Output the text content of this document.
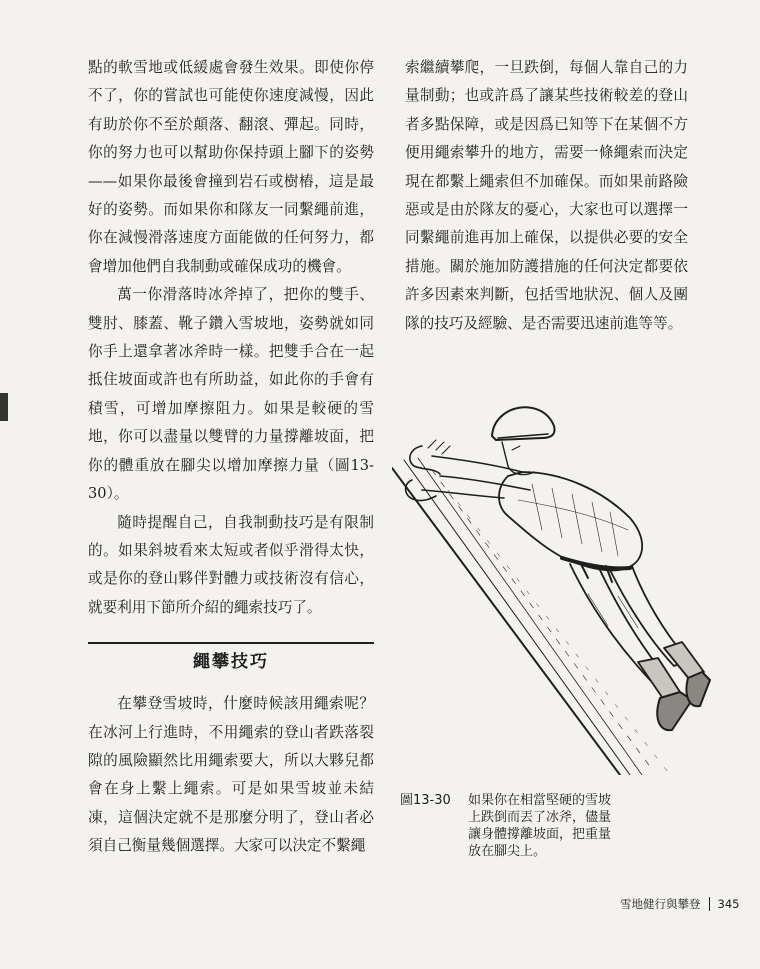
點的軟雪地或低緩處會發生效果。即使你停不了，你的嘗試也可能使你速度減慢，因此有助於你不至於顛落、翻滾、彈起。同時，你的努力也可以幫助你保持頭上腳下的姿勢——如果你最後會撞到岩石或樹樁，這是最好的姿勢。而如果你和隊友一同繫繩前進，你在減慢滑落速度方面能做的任何努力，都會增加他們自我制動或確保成功的機會。

萬一你滑落時冰斧掉了，把你的雙手、雙肘、膝蓋、靴子鑽入雪坡地，姿勢就如同你手上還拿著冰斧時一樣。把雙手合在一起抵住坡面或許也有所助益，如此你的手會有積雪，可增加摩擦阻力。如果是較硬的雪地，你可以盡量以雙臂的力量撐離坡面，把你的體重放在腳尖以增加摩擦力量（圖13-30）。

隨時提醒自己，自我制動技巧是有限制的。如果斜坡看來太短或者似乎滑得太快，或是你的登山夥伴對體力或技術沒有信心，就要利用下節所介紹的繩索技巧了。

繩攀技巧

在攀登雪坡時，什麼時候該用繩索呢？在冰河上行進時，不用繩索的登山者跌落裂隙的風險顯然比用繩索要大，所以大夥兒都會在身上繫上繩索。可是如果雪坡並未結凍，這個決定就不是那麼分明了，登山者必須自己衡量幾個選擇。大家可以決定不繫繩

索繼續攀爬，一旦跌倒，每個人靠自己的力量制動；也或許爲了讓某些技術較差的登山者多點保障，或是因爲已知等下在某個不方便用繩索攀升的地方，需要一條繩索而決定現在都繫上繩索但不加確保。而如果前路險惡或是由於隊友的憂心，大家也可以選擇一同繫繩前進再加上確保，以提供必要的安全措施。關於施加防護措施的任何決定都要依許多因素來判斷，包括雪地狀況、個人及團隊的技巧及經驗、是否需要迅速前進等等。

圖13-30	如果你在相當堅硬的雪坡上跌倒而丟了冰斧，儘量讓身體撐離坡面，把重量放在腳尖上。
雪地健行與攀登 345
